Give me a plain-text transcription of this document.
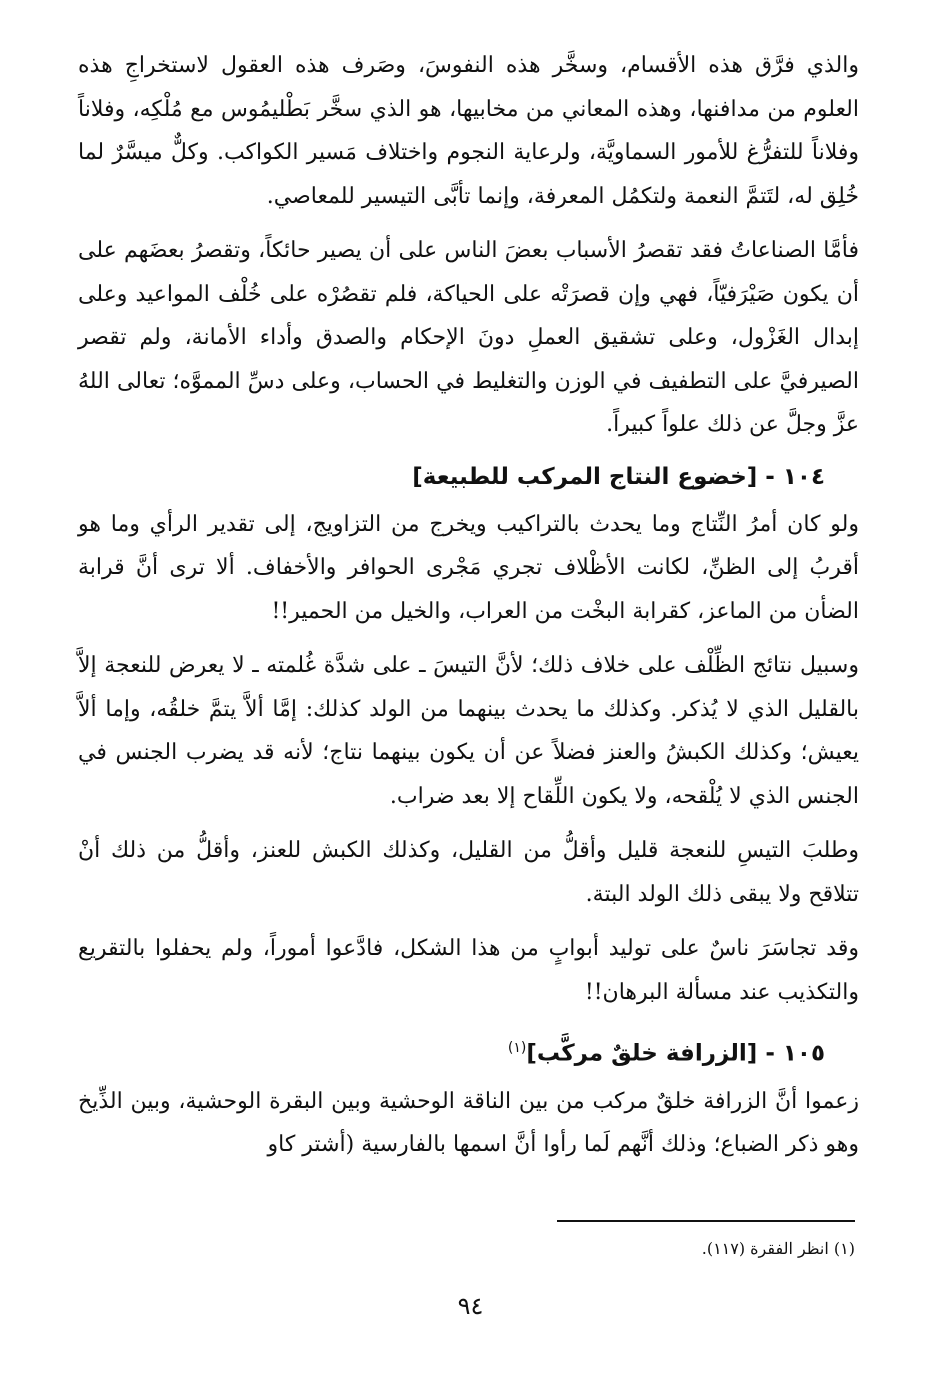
والذي فرَّق هذه الأقسام، وسخَّر هذه النفوسَ، وصَرف هذه العقول لاستخراجِ هذه العلوم من مدافنها، وهذه المعاني من مخابيها، هو الذي سخَّر بَطْليمُوس مع مُلْكِه، وفلاناً وفلاناً للتفرُّغ للأمور السماويَّة، ولرعاية النجوم واختلاف مَسير الكواكب. وكلٌّ ميسَّرٌ لما خُلِق له، لتَتمَّ النعمة ولتكمُل المعرفة، وإنما تأبَّى التيسير للمعاصي.

فأمَّا الصناعاتُ فقد تقصرُ الأسباب بعضَ الناس على أن يصير حائكاً، وتقصرُ بعضَهم على أن يكون صَيْرَفيّاً، فهي وإن قصرَتْه على الحياكة، فلم تقصُرْه على خُلْف المواعيد وعلى إبدال الغَزْول، وعلى تشقيق العملِ دونَ الإحكام والصدق وأداء الأمانة، ولم تقصر الصيرفيَّ على التطفيف في الوزن والتغليط في الحساب، وعلى دسِّ المموَّه؛ تعالى اللهُ عزَّ وجلَّ عن ذلك علواً كبيراً.

١٠٤ - [خضوع النتاج المركب للطبيعة]

ولو كان أمرُ النِّتاج وما يحدث بالتراكيب ويخرج من التزاويج، إلى تقدير الرأي وما هو أقربُ إلى الظنِّ، لكانت الأظْلاف تجري مَجْرى الحوافر والأخفاف. ألا ترى أنَّ قرابة الضأن من الماعز، كقرابة البخْت من العراب، والخيل من الحمير!!

وسبيل نتائج الظِّلْف على خلاف ذلك؛ لأنَّ التيسَ ـ على شدَّة غُلمته ـ لا يعرض للنعجة إلاَّ بالقليل الذي لا يُذكر. وكذلك ما يحدث بينهما من الولد كذلك: إمَّا ألاَّ يتمَّ خلقُه، وإما ألاَّ يعيش؛ وكذلك الكبشُ والعنز فضلاً عن أن يكون بينهما نتاج؛ لأنه قد يضرب الجنس في الجنس الذي لا يُلْقحه، ولا يكون اللِّقاح إلا بعد ضراب.

وطلبَ التيسِ للنعجة قليل وأقلُّ من القليل، وكذلك الكبش للعنز، وأقلُّ من ذلك أنْ تتلاقح ولا يبقى ذلك الولد البتة.

وقد تجاسَرَ ناسٌ على توليد أبوابٍ من هذا الشكل، فادَّعوا أموراً، ولم يحفلوا بالتقريع والتكذيب عند مسألة البرهان!!

١٠٥ - [الزرافة خلقٌ مركَّب]$^{(١)}$

زعموا أنَّ الزرافة خلقٌ مركب من بين الناقة الوحشية وبين البقرة الوحشية، وبين الذِّيخ وهو ذكر الضباع؛ وذلك أنَّهم لَما رأوا أنَّ اسمها بالفارسية (أشتر كاو

(١) انظر الفقرة (١١٧).

٩٤
